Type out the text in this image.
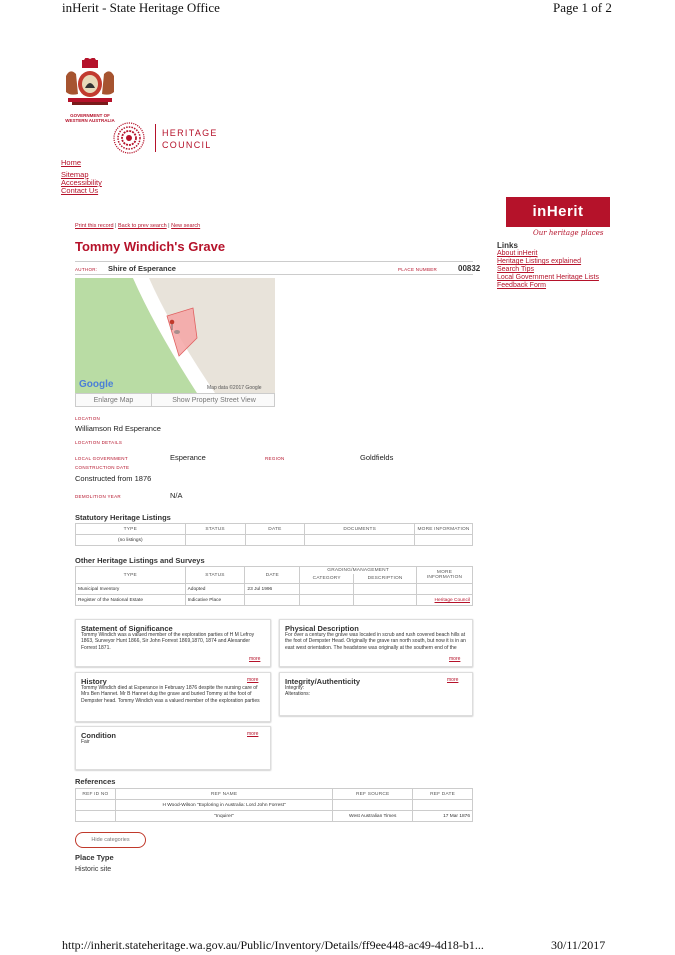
inHerit - State Heritage Office	Page 1 of 2
GOVERNMENT OF
WESTERN AUSTRALIA
HERITAGE
COUNCIL
Home
Sitemap
Accessibility
Contact Us
inHerit
Our heritage places
Links
About inHerit
Heritage Listings explained
Search Tips
Local Government Heritage Lists
Feedback Form
Print this record | Back to prev search | New search
Tommy Windich's Grave
AUTHOR: Shire of Esperance	PLACE NUMBER	00832
Google	Map data ©2017 Google
Enlarge Map	Show Property Street View
LOCATION
Williamson Rd Esperance
LOCATION DETAILS
LOCAL GOVERNMENT	Esperance	REGION	Goldfields
CONSTRUCTION DATE
Constructed from 1876
DEMOLITION YEAR	N/A
Statutory Heritage Listings
TYPE	STATUS	DATE	DOCUMENTS	MORE INFORMATION
(no listings)				
Other Heritage Listings and Surveys
TYPE	STATUS	DATE	GRADING/MANAGEMENT		MORE INFORMATION
			CATEGORY	DESCRIPTION	
Municipal Inventory	Adopted	23 Jul 1996			
Register of the National Estate	Indicative Place				Heritage Council
Statement of Significance
Tommy Windich was a valued member of the exploration parties of H M Lefroy 1863, Surveyor Hunt 1866, Sir John Forrest 1869,1870, 1874 and Alexander Forrest 1871.
more
Physical Description
For over a century the grave was located in scrub and rush covered beach hills at the foot of Dempster Head. Originally the grave ran north south, but now it is in an east west orientation. The headstone was originally at the southern end of the
more
History
Tommy Windich died at Esperance in February 1876 despite the nursing care of Mrs Ben Hannet. Mr B Hannet dug the grave and buried Tommy at the foot of Dempster head. Tommy Windich was a valued member of the exploration parties
more	Integrity/Authenticity
Integrity:
Alterations:
more
Condition
Fair
more
References
REF ID NO	REF NAME	REF SOURCE	REF DATE
	H Wood-Wilson "Exploring in Australia: Lord John Forrest"		
	"Inquirer"	West Australian Times	17 Mar 1876
Hide categories
Place Type
Historic site
http://inherit.stateheritage.wa.gov.au/Public/Inventory/Details/ff9ee448-ac49-4d18-b1...	30/11/2017
